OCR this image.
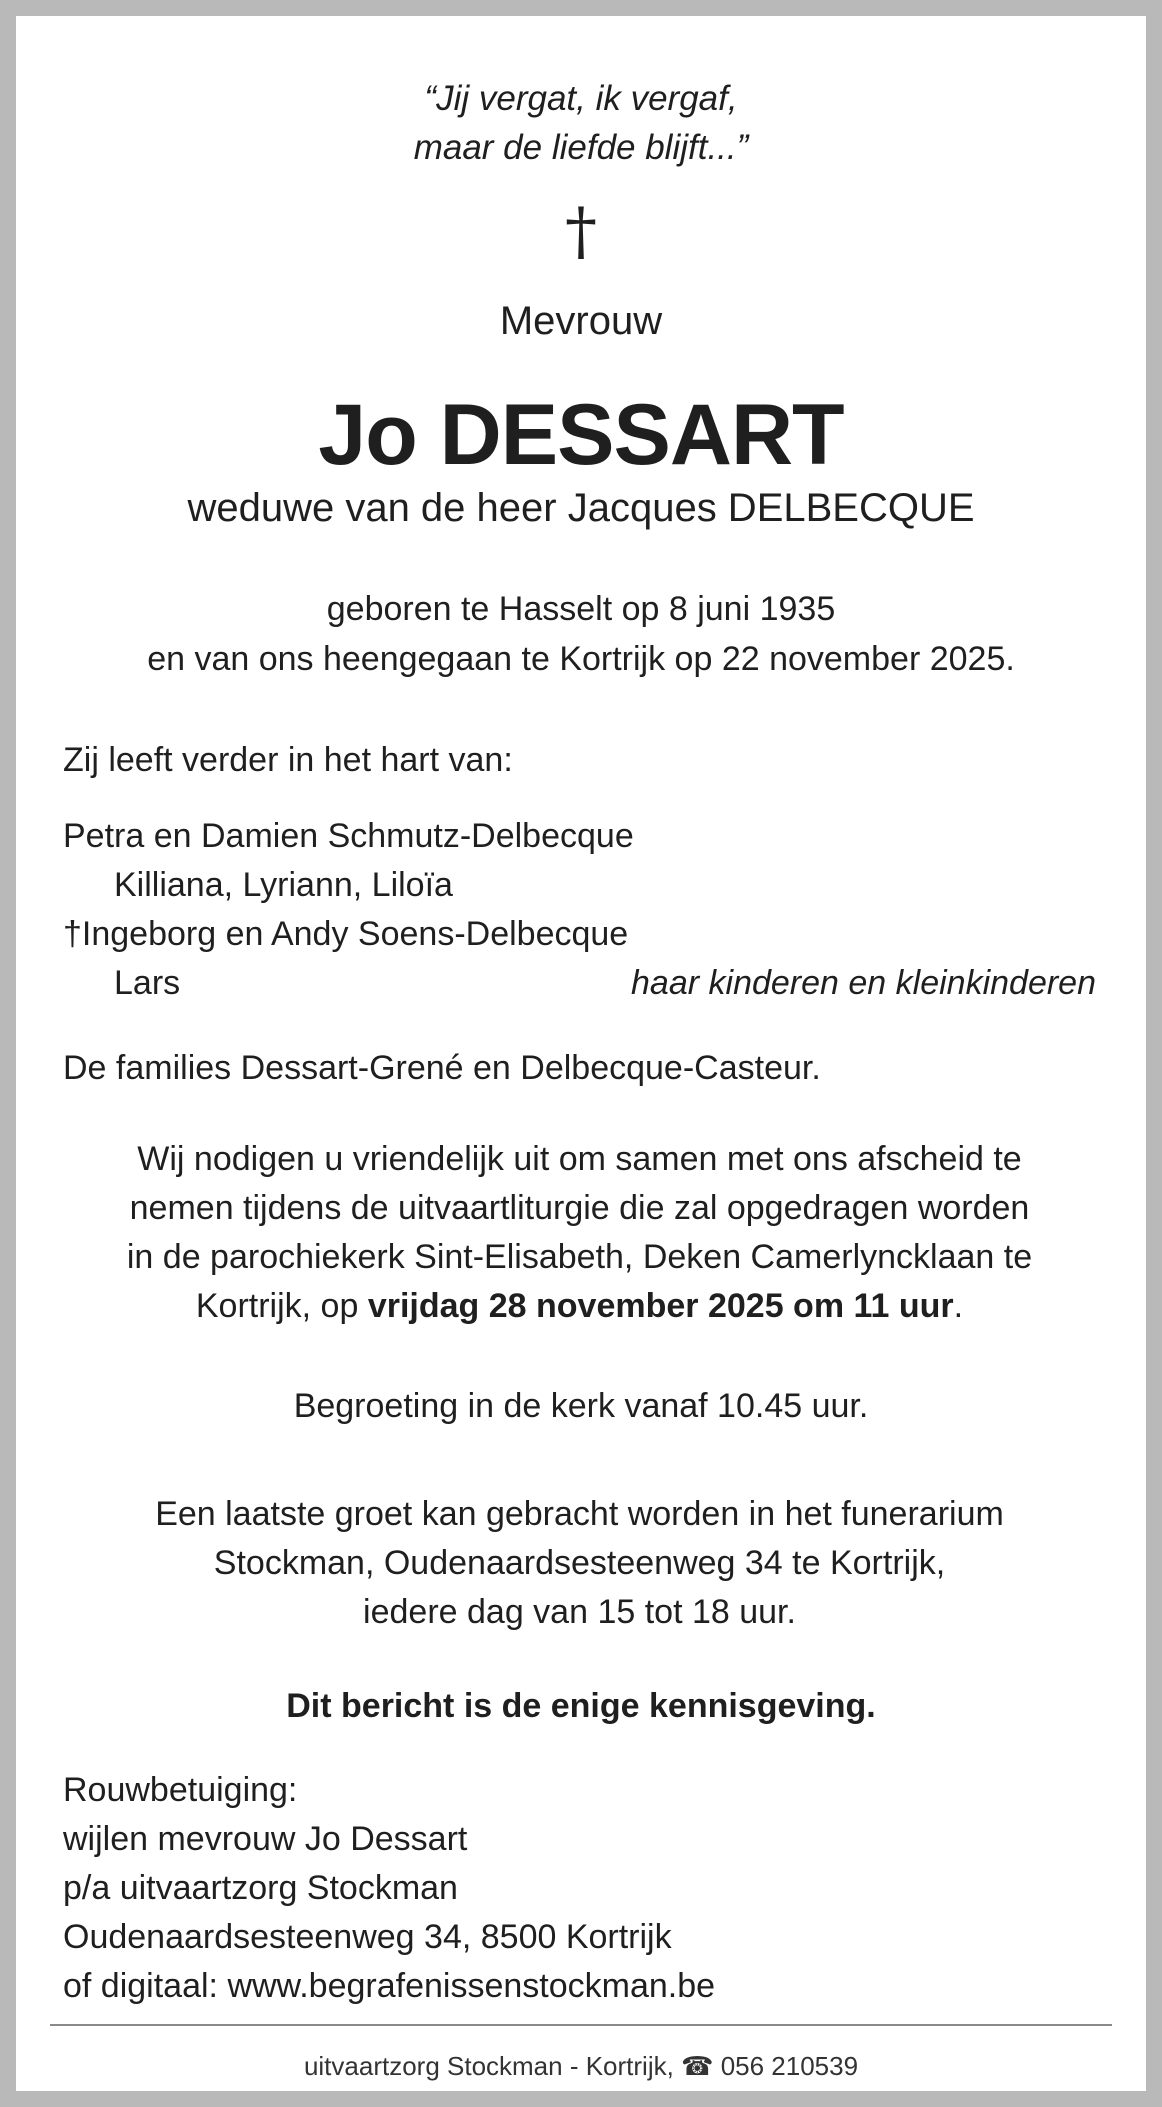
“Jij vergat, ik vergaf,
maar de liefde blijft...”
†
Mevrouw
Jo DESSART
weduwe van de heer Jacques DELBECQUE
geboren te Hasselt op 8 juni 1935
en van ons heengegaan te Kortrijk op 22 november 2025.
Zij leeft verder in het hart van:
Petra en Damien Schmutz-Delbecque
Killiana, Lyriann, Liloïa
†Ingeborg en Andy Soens-Delbecque
Lars	haar kinderen en kleinkinderen
De families Dessart-Grené en Delbecque-Casteur.
Wij nodigen u vriendelijk uit om samen met ons afscheid te
nemen tijdens de uitvaartliturgie die zal opgedragen worden
in de parochiekerk Sint-Elisabeth, Deken Camerlyncklaan te
Kortrijk, op vrijdag 28 november 2025 om 11 uur.
Begroeting in de kerk vanaf 10.45 uur.
Een laatste groet kan gebracht worden in het funerarium
Stockman, Oudenaardsesteenweg 34 te Kortrijk,
iedere dag van 15 tot 18 uur.
Dit bericht is de enige kennisgeving.
Rouwbetuiging:
wijlen mevrouw Jo Dessart
p/a uitvaartzorg Stockman
Oudenaardsesteenweg 34, 8500 Kortrijk
of digitaal: www.begrafenissenstockman.be
uitvaartzorg Stockman - Kortrijk, ☎ 056 210539
